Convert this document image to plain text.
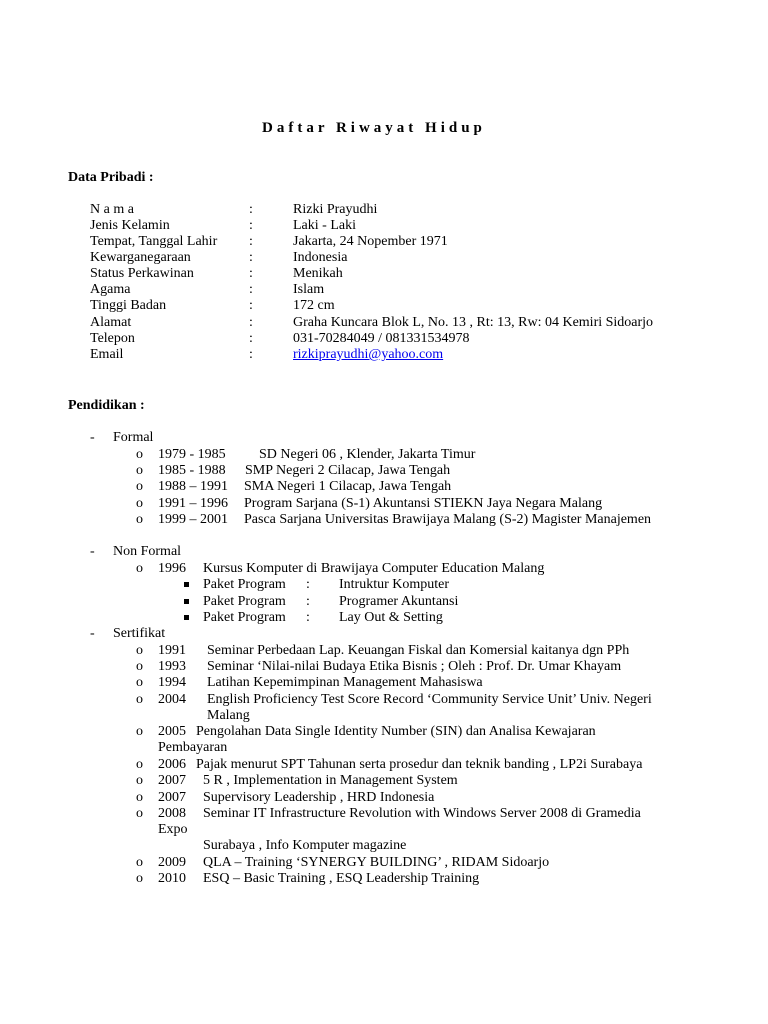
Daftar Riwayat Hidup
Data Pribadi :
N a m a	:	Rizki Prayudhi
Jenis Kelamin	:	Laki - Laki
Tempat, Tanggal Lahir :	Jakarta, 24 Nopember 1971
Kewarganegaraan	:	Indonesia
Status Perkawinan	:	Menikah
Agama	:	Islam
Tinggi Badan	:	172 cm
Alamat	:	Graha Kuncara Blok L, No. 13 , Rt: 13, Rw: 04 Kemiri Sidoarjo
Telepon	:	031-70284049 / 081331534978
Email	:	rizkiprayudhi@yahoo.com
Pendidikan :
- Formal
o 1979 - 1985 SD Negeri 06 , Klender, Jakarta Timur
o 1985 - 1988 SMP Negeri 2 Cilacap, Jawa Tengah
o 1988 – 1991 SMA Negeri 1 Cilacap, Jawa Tengah
o 1991 – 1996 Program Sarjana (S-1) Akuntansi STIEKN Jaya Negara Malang
o 1999 – 2001 Pasca Sarjana Universitas Brawijaya Malang (S-2) Magister Manajemen
- Non Formal
o 1996 Kursus Komputer di Brawijaya Computer Education Malang
Paket Program : Intruktur Komputer
Paket Program : Programer Akuntansi
Paket Program : Lay Out & Setting
- Sertifikat
o 1991 Seminar Perbedaan Lap. Keuangan Fiskal dan Komersial kaitanya dgn PPh
o 1993 Seminar ‘Nilai-nilai Budaya Etika Bisnis ; Oleh : Prof. Dr. Umar Khayam
o 1994 Latihan Kepemimpinan Management Mahasiswa
o 2004 English Proficiency Test Score Record ‘Community Service Unit’ Univ. Negeri
Malang
o 2005 Pengolahan Data Single Identity Number (SIN) dan Analisa Kewajaran
Pembayaran
o 2006 Pajak menurut SPT Tahunan serta prosedur dan teknik banding , LP2i Surabaya
o 2007 5 R , Implementation in Management System
o 2007 Supervisory Leadership , HRD Indonesia
o 2008 Seminar IT Infrastructure Revolution with Windows Server 2008 di Gramedia
Expo
Surabaya , Info Komputer magazine
o 2009 QLA – Training ‘SYNERGY BUILDING’ , RIDAM Sidoarjo
o 2010 ESQ – Basic Training , ESQ Leadership Training
